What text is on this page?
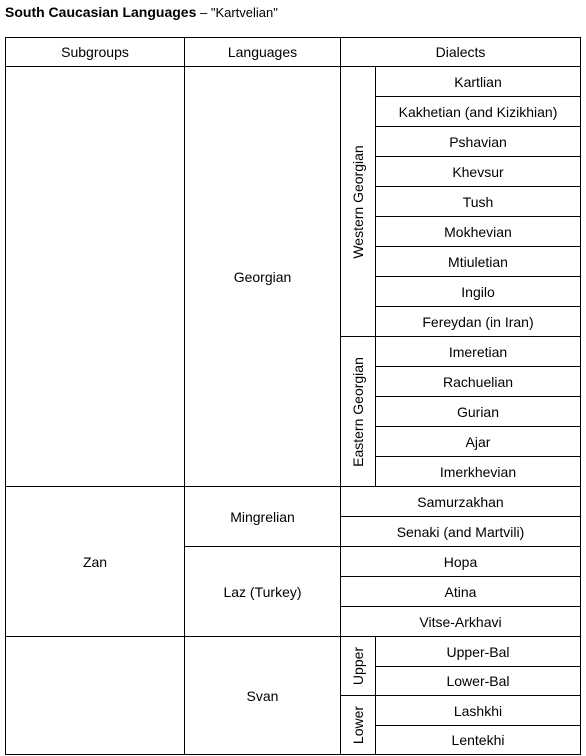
South Caucasian Languages – "Kartvelian"
Subgroups	Languages	Dialects	
	Georgian	Western Georgian	Kartlian
			Kakhetian (and Kizikhian)
			Pshavian
			Khevsur
			Tush
			Mokhevian
			Mtiuletian
			Ingilo
			Fereydan (in Iran)

		Eastern Georgian	Imeretian
			Rachuelian
			Gurian
			Ajar
			Imerkhevian
Zan	Mingrelian	Samurzakhan	
		Senaki (and Martvili)	
	Laz (Turkey)	Hopa	
		Atina	
		Vitse-Arkhavi	
	Svan	Upper	Upper-Bal
			Lower-Bal

		Lower	Lashkhi
			Lentekhi
